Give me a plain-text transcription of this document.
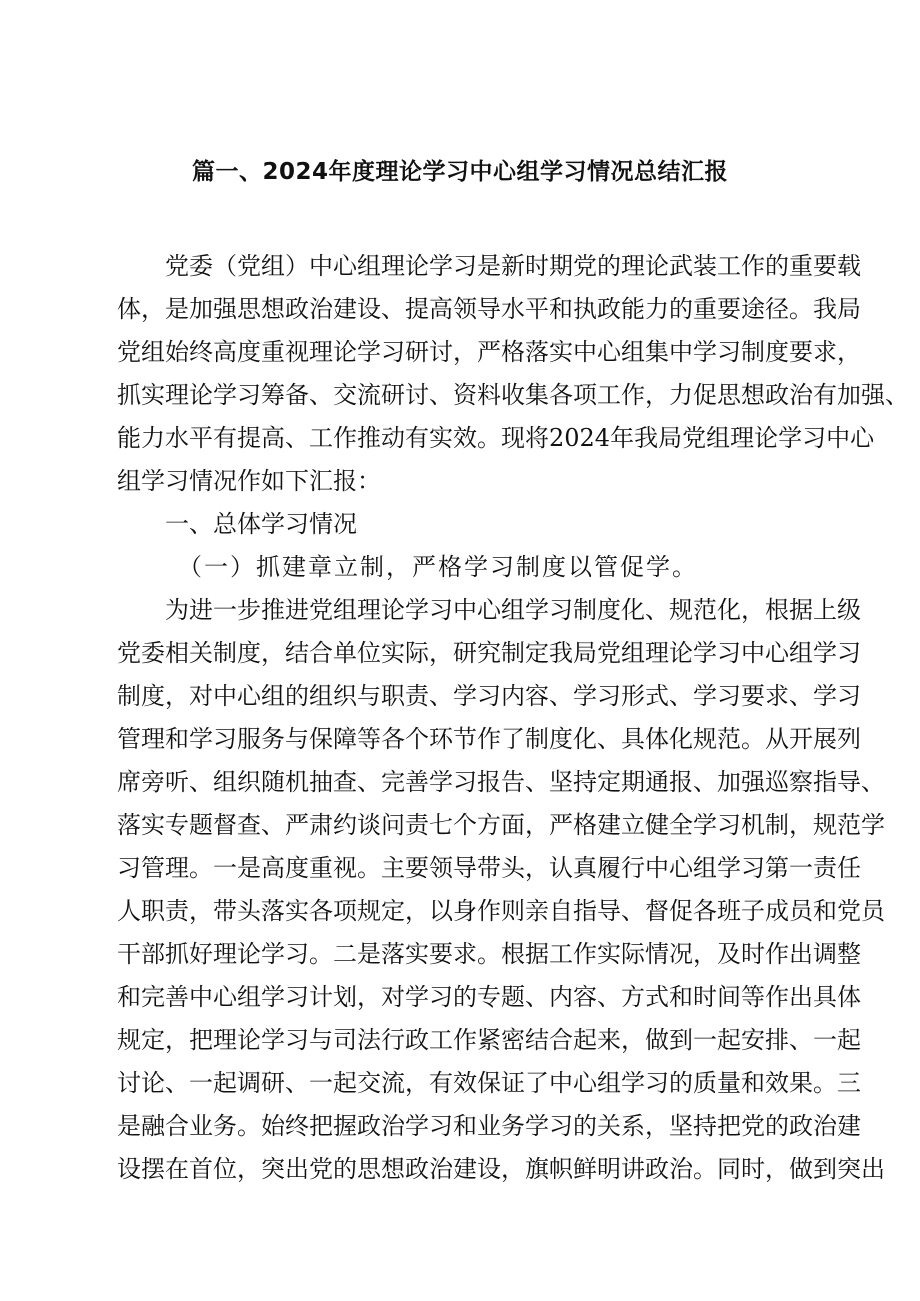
篇一、2024年度理论学习中心组学习情况总结汇报
党委（党组）中心组理论学习是新时期党的理论武装工作的重要载
体，是加强思想政治建设、提高领导水平和执政能力的重要途径。我局
党组始终高度重视理论学习研讨，严格落实中心组集中学习制度要求，
抓实理论学习筹备、交流研讨、资料收集各项工作，力促思想政治有加强、
能力水平有提高、工作推动有实效。现将2024年我局党组理论学习中心
组学习情况作如下汇报：
一、总体学习情况
（一）抓建章立制，严格学习制度以管促学。
为进一步推进党组理论学习中心组学习制度化、规范化，根据上级
党委相关制度，结合单位实际，研究制定我局党组理论学习中心组学习
制度，对中心组的组织与职责、学习内容、学习形式、学习要求、学习
管理和学习服务与保障等各个环节作了制度化、具体化规范。从开展列
席旁听、组织随机抽查、完善学习报告、坚持定期通报、加强巡察指导、
落实专题督查、严肃约谈问责七个方面，严格建立健全学习机制，规范学
习管理。一是高度重视。主要领导带头，认真履行中心组学习第一责任
人职责，带头落实各项规定，以身作则亲自指导、督促各班子成员和党员
干部抓好理论学习。二是落实要求。根据工作实际情况，及时作出调整
和完善中心组学习计划，对学习的专题、内容、方式和时间等作出具体
规定，把理论学习与司法行政工作紧密结合起来，做到一起安排、一起
讨论、一起调研、一起交流，有效保证了中心组学习的质量和效果。三
是融合业务。始终把握政治学习和业务学习的关系，坚持把党的政治建
设摆在首位，突出党的思想政治建设，旗帜鲜明讲政治。同时，做到突出
